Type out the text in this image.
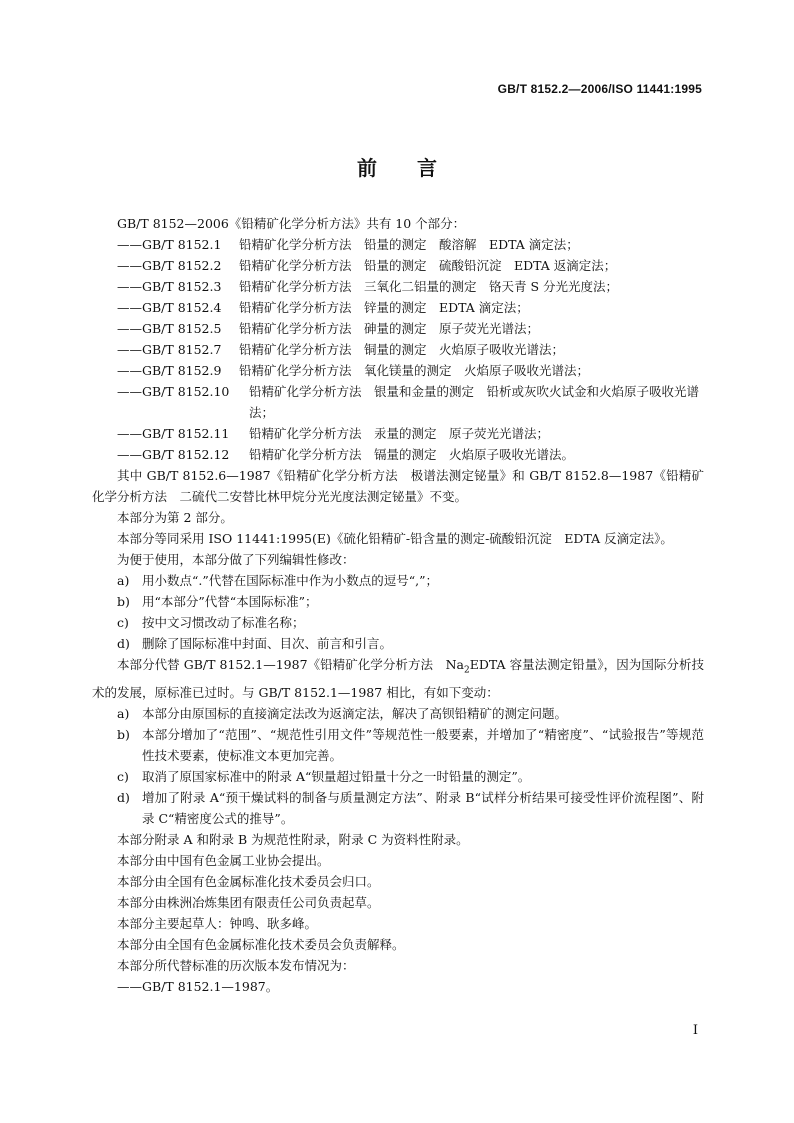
GB/T 8152.2—2006/ISO 11441:1995
前言

GB/T 8152—2006《铅精矿化学分析方法》共有 10 个部分：

——GB/T 8152.1	铅精矿化学分析方法　铅量的测定　酸溶解　EDTA 滴定法；
——GB/T 8152.2	铅精矿化学分析方法　铅量的测定　硫酸铅沉淀　EDTA 返滴定法；
——GB/T 8152.3	铅精矿化学分析方法　三氧化二铝量的测定　铬天青 S 分光光度法；
——GB/T 8152.4	铅精矿化学分析方法　锌量的测定　EDTA 滴定法；
——GB/T 8152.5	铅精矿化学分析方法　砷量的测定　原子荧光光谱法；
——GB/T 8152.7	铅精矿化学分析方法　铜量的测定　火焰原子吸收光谱法；
——GB/T 8152.9	铅精矿化学分析方法　氧化镁量的测定　火焰原子吸收光谱法；
——GB/T 8152.10	铅精矿化学分析方法　银量和金量的测定　铅析或灰吹火试金和火焰原子吸收光谱法；
——GB/T 8152.11	铅精矿化学分析方法　汞量的测定　原子荧光光谱法；
——GB/T 8152.12	铅精矿化学分析方法　镉量的测定　火焰原子吸收光谱法。

其中 GB/T 8152.6—1987《铅精矿化学分析方法　极谱法测定铋量》和 GB/T 8152.8—1987《铅精矿化学分析方法　二硫代二安替比林甲烷分光光度法测定铋量》不变。

本部分为第 2 部分。

本部分等同采用 ISO 11441:1995(E)《硫化铅精矿-铅含量的测定-硫酸铅沉淀　EDTA 反滴定法》。

为便于使用，本部分做了下列编辑性修改：

a)	用小数点“.”代替在国际标准中作为小数点的逗号“,”；
b) 用“本部分”代替“本国际标准”；
c)	按中文习惯改动了标准名称；
d) 删除了国际标准中封面、目次、前言和引言。

本部分代替 GB/T 8152.1—1987《铅精矿化学分析方法　$Na_2EDTA$ 容量法测定铅量》，因为国际分析技术的发展，原标准已过时。与 GB/T 8152.1—1987 相比，有如下变动：

a)	本部分由原国标的直接滴定法改为返滴定法，解决了高钡铅精矿的测定问题。
b) 本部分增加了“范围”、“规范性引用文件”等规范性一般要素，并增加了“精密度”、“试验报告”等规范性技术要素，使标准文本更加完善。
c)	取消了原国家标准中的附录 A“钡量超过铅量十分之一时铅量的测定”。
d) 增加了附录 A“预干燥试料的制备与质量测定方法”、附录 B“试样分析结果可接受性评价流程图”、附录 C“精密度公式的推导”。

本部分附录 A 和附录 B 为规范性附录，附录 C 为资料性附录。

本部分由中国有色金属工业协会提出。

本部分由全国有色金属标准化技术委员会归口。

本部分由株洲冶炼集团有限责任公司负责起草。

本部分主要起草人：钟鸣、耿多峰。

本部分由全国有色金属标准化技术委员会负责解释。

本部分所代替标准的历次版本发布情况为：

——GB/T 8152.1—1987。

I
